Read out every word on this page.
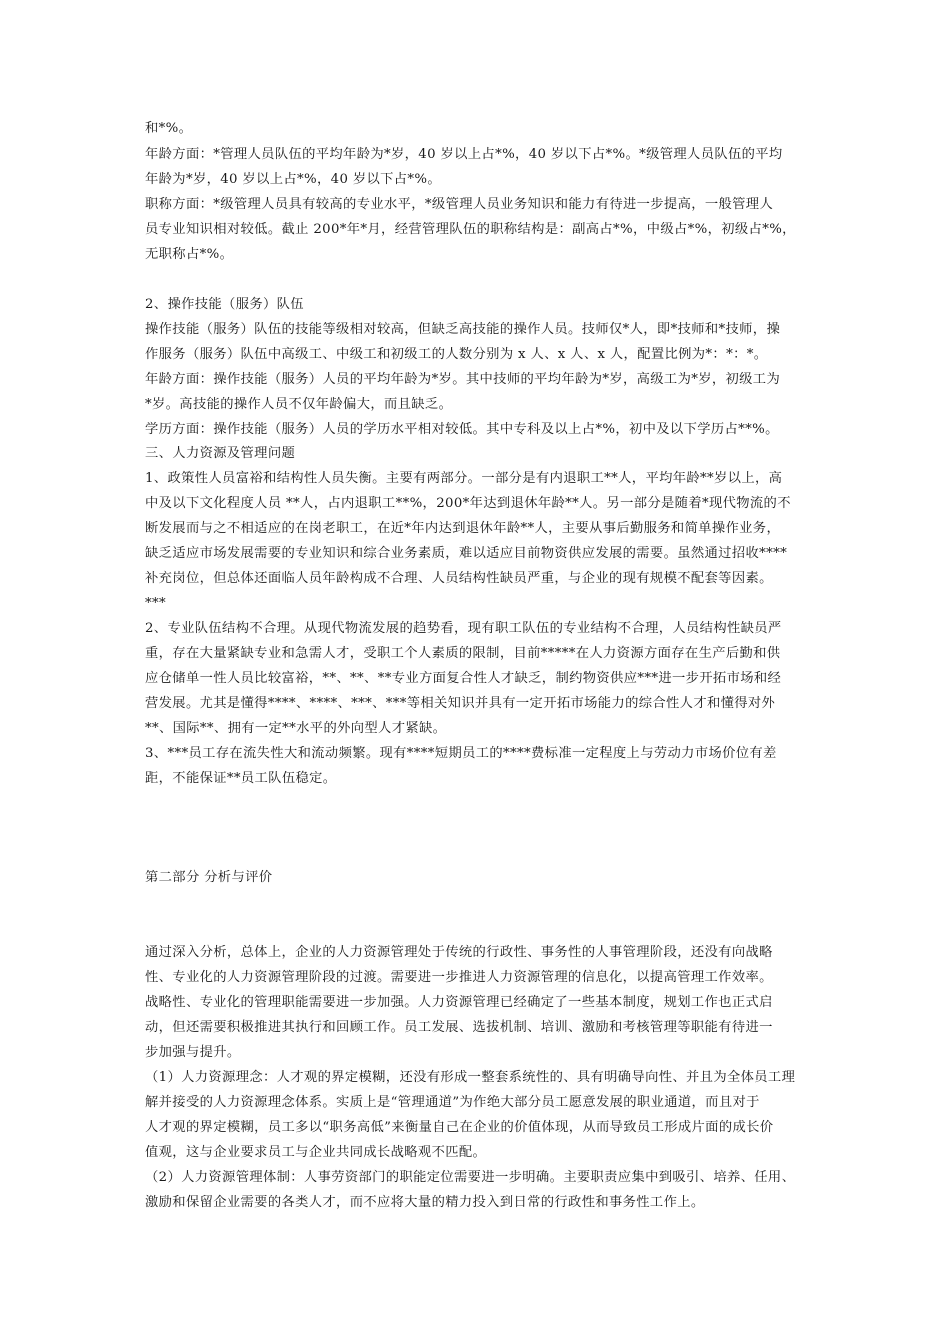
和*%。

年龄方面：*管理人员队伍的平均年龄为*岁，40 岁以上占*%，40 岁以下占*%。*级管理人员队伍的平均

年龄为*岁，40 岁以上占*%，40 岁以下占*%。

职称方面：*级管理人员具有较高的专业水平，*级管理人员业务知识和能力有待进一步提高，一般管理人

员专业知识相对较低。截止 200*年*月，经营管理队伍的职称结构是：副高占*%，中级占*%，初级占*%，

无职称占*%。

2、操作技能（服务）队伍

操作技能（服务）队伍的技能等级相对较高，但缺乏高技能的操作人员。技师仅*人，即*技师和*技师，操

作服务（服务）队伍中高级工、中级工和初级工的人数分别为 x 人、x 人、x 人，配置比例为*：*：*。

年龄方面：操作技能（服务）人员的平均年龄为*岁。其中技师的平均年龄为*岁，高级工为*岁，初级工为

*岁。高技能的操作人员不仅年龄偏大，而且缺乏。

学历方面：操作技能（服务）人员的学历水平相对较低。其中专科及以上占*%，初中及以下学历占**%。

三、人力资源及管理问题

1、政策性人员富裕和结构性人员失衡。主要有两部分。一部分是有内退职工**人，平均年龄**岁以上，高

中及以下文化程度人员 **人，占内退职工**%，200*年达到退休年龄**人。另一部分是随着*现代物流的不

断发展而与之不相适应的在岗老职工，在近*年内达到退休年龄**人，主要从事后勤服务和简单操作业务，

缺乏适应市场发展需要的专业知识和综合业务素质，难以适应目前物资供应发展的需要。虽然通过招收****

补充岗位，但总体还面临人员年龄构成不合理、人员结构性缺员严重，与企业的现有规模不配套等因素。

***

2、专业队伍结构不合理。从现代物流发展的趋势看，现有职工队伍的专业结构不合理，人员结构性缺员严

重，存在大量紧缺专业和急需人才，受职工个人素质的限制，目前*****在人力资源方面存在生产后勤和供

应仓储单一性人员比较富裕，**、**、**专业方面复合性人才缺乏，制约物资供应***进一步开拓市场和经

营发展。尤其是懂得****、****、***、***等相关知识并具有一定开拓市场能力的综合性人才和懂得对外

**、国际**、拥有一定**水平的外向型人才紧缺。

3、***员工存在流失性大和流动频繁。现有****短期员工的****费标准一定程度上与劳动力市场价位有差

距，不能保证**员工队伍稳定。

第二部分 分析与评价

通过深入分析，总体上，企业的人力资源管理处于传统的行政性、事务性的人事管理阶段，还没有向战略

性、专业化的人力资源管理阶段的过渡。需要进一步推进人力资源管理的信息化，以提高管理工作效率。

战略性、专业化的管理职能需要进一步加强。人力资源管理已经确定了一些基本制度，规划工作也正式启

动，但还需要积极推进其执行和回顾工作。员工发展、选拔机制、培训、激励和考核管理等职能有待进一

步加强与提升。

（1）人力资源理念：人才观的界定模糊，还没有形成一整套系统性的、具有明确导向性、并且为全体员工理

解并接受的人力资源理念体系。实质上是“管理通道”为作绝大部分员工愿意发展的职业通道，而且对于

人才观的界定模糊，员工多以“职务高低”来衡量自己在企业的价值体现，从而导致员工形成片面的成长价

值观，这与企业要求员工与企业共同成长战略观不匹配。

（2）人力资源管理体制：人事劳资部门的职能定位需要进一步明确。主要职责应集中到吸引、培养、任用、

激励和保留企业需要的各类人才，而不应将大量的精力投入到日常的行政性和事务性工作上。
